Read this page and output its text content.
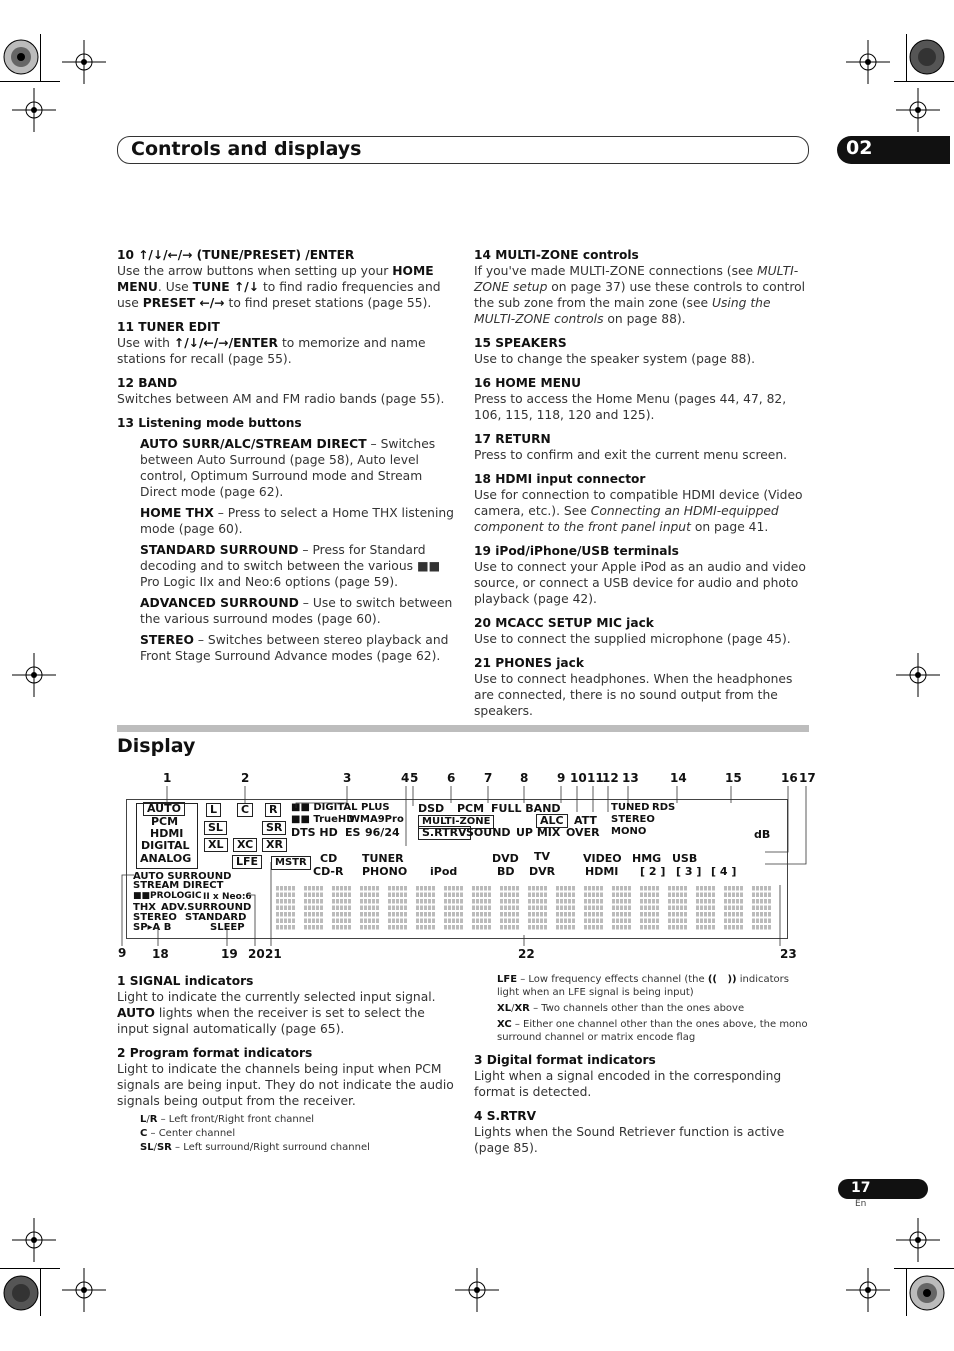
Controls and displays	02

10 ↑/↓/←/→ (TUNE/PRESET) /ENTER

Use the arrow buttons when setting up your HOME MENU. Use TUNE ↑/↓ to find radio frequencies and use PRESET ←/→ to find preset stations (page 55).

11 TUNER EDIT

Use with ↑/↓/←/→/ENTER to memorize and name stations for recall (page 55).

12 BAND

Switches between AM and FM radio bands (page 55).

13 Listening mode buttons

AUTO SURR/ALC/STREAM DIRECT – Switches between Auto Surround (page 58), Auto level control, Optimum Surround mode and Stream Direct mode (page 62).

HOME THX – Press to select a Home THX listening mode (page 60).

STANDARD SURROUND – Press for Standard decoding and to switch between the various ■■ Pro Logic IIx and Neo:6 options (page 59).

ADVANCED SURROUND – Use to switch between the various surround modes (page 60).

STEREO – Switches between stereo playback and Front Stage Surround Advance modes (page 62).

14 MULTI-ZONE controls

If you've made MULTI-ZONE connections (see MULTI-ZONE setup on page 37) use these controls to control the sub zone from the main zone (see Using the MULTI-ZONE controls on page 88).

15 SPEAKERS

Use to change the speaker system (page 88).

16 HOME MENU

Press to access the Home Menu (pages 44, 47, 82, 106, 115, 118, 120 and 125).

17 RETURN

Press to confirm and exit the current menu screen.

18 HDMI input connector

Use for connection to compatible HDMI device (Video camera, etc.). See Connecting an HDMI-equipped component to the front panel input on page 41.

19 iPod/iPhone/USB terminals

Use to connect your Apple iPod as an audio and video source, or connect a USB device for audio and photo playback (page 42).

20 MCACC SETUP MIC jack

Use to connect the supplied microphone (page 45).

21 PHONES jack

Use to connect headphones. When the headphones are connected, there is no sound output from the speakers.

Display
1	2	3	4 5 6 7 8 9 10 11
12 13	14	15	16 17
9 18	19 20 21	22	23
AUTO
PCM
HDMI
DIGITAL
ANALOG
L	C	R
SL	SR
XL	XC	XR
LFE
■■ DIGITAL PLUS
■■ TrueHD
WMA9Pro
DTS HD ES 96/24
DSD PCM FULL BAND
MULTI-ZONE
S.RTRV SOUND UP MIX
ALC ATT
OVER
TUNED RDS
STEREO
MONO	dB
MSTR	CD TUNER	DVD TV	VIDEO HMG USB
CD-R PHONO iPod	BD DVR	HDMI [ 2 ] [ 3 ] [ 4 ]
AUTO SURROUND
STREAM DIRECT
■■PROLOGIC II x Neo:6
THX ADV.SURROUND
STEREO STANDARD
SP▸A B	SLEEP

1 SIGNAL indicators

Light to indicate the currently selected input signal. AUTO lights when the receiver is set to select the input signal automatically (page 65).

2 Program format indicators

Light to indicate the channels being input when PCM signals are being input. They do not indicate the audio signals being output from the receiver.

L/R – Left front/Right front channel

C – Center channel

SL/SR – Left surround/Right surround channel

LFE – Low frequency effects channel (the ((   )) indicators light when an LFE signal is being input)

XL/XR – Two channels other than the ones above

XC – Either one channel other than the ones above, the mono surround channel or matrix encode flag

3 Digital format indicators

Light when a signal encoded in the corresponding format is detected.

4 S.RTRV

Lights when the Sound Retriever function is active (page 85).

17
En
